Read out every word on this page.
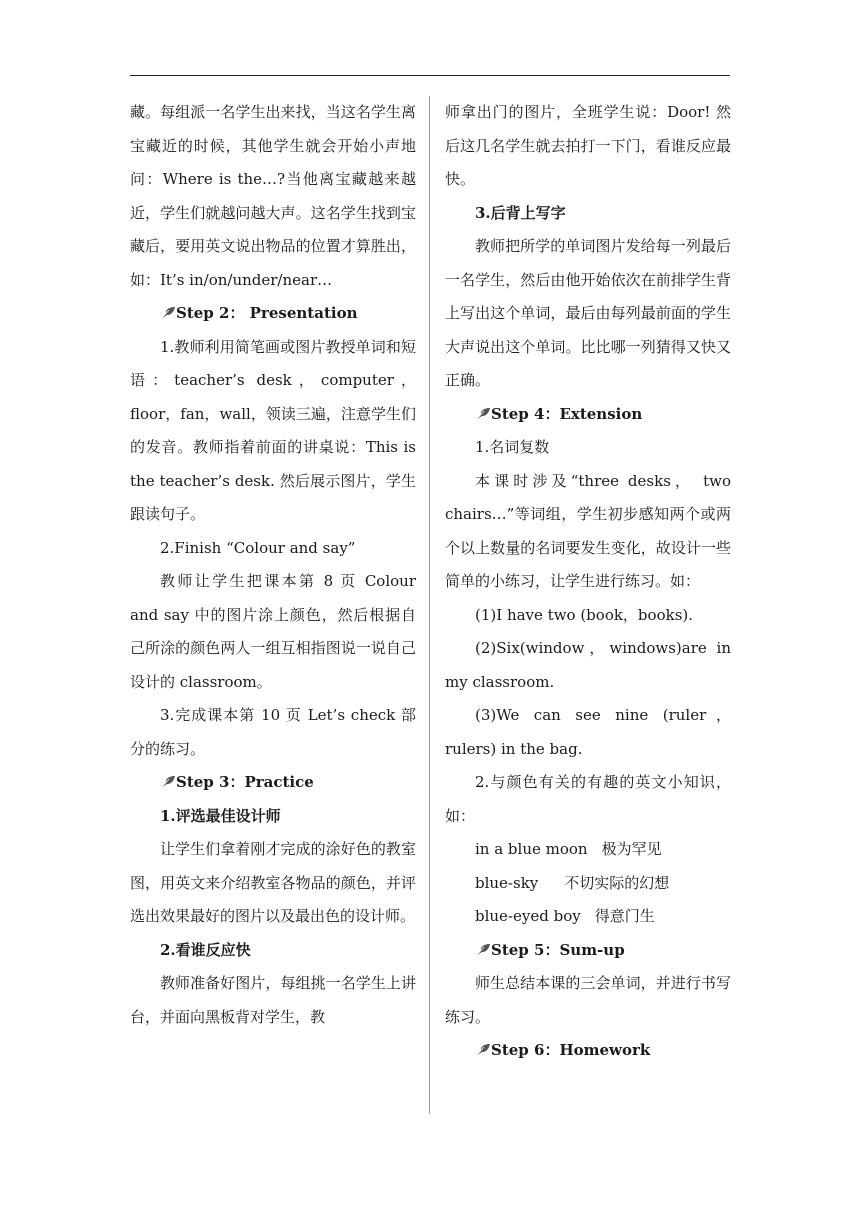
藏。每组派一名学生出来找，当这名学生离宝藏近的时候，其他学生就会开始小声地问：Where is the…?当他离宝藏越来越近，学生们就越问越大声。这名学生找到宝藏后，要用英文说出物品的位置才算胜出，如：It’s in/on/under/near…

Step 2： Presentation

1.教师利用简笔画或图片教授单词和短语：teacher’s desk，computer，floor，fan，wall，领读三遍，注意学生们的发音。教师指着前面的讲桌说：This is the teacher’s desk. 然后展示图片，学生跟读句子。

2.Finish “Colour and say”

教师让学生把课本第 8 页 Colour and say 中的图片涂上颜色，然后根据自己所涂的颜色两人一组互相指图说一说自己设计的 classroom。

3.完成课本第 10 页 Let’s check 部分的练习。

Step 3：Practice

1.评选最佳设计师

让学生们拿着刚才完成的涂好色的教室图，用英文来介绍教室各物品的颜色，并评选出效果最好的图片以及最出色的设计师。

2.看谁反应快

教师准备好图片，每组挑一名学生上讲台，并面向黑板背对学生，教

师拿出门的图片，全班学生说：Door! 然后这几名学生就去拍打一下门，看谁反应最快。

3.后背上写字

教师把所学的单词图片发给每一列最后一名学生，然后由他开始依次在前排学生背上写出这个单词，最后由每列最前面的学生大声说出这个单词。比比哪一列猜得又快又正确。

Step 4：Extension

1.名词复数

本课时涉及“three desks， two chairs…”等词组，学生初步感知两个或两个以上数量的名词要发生变化，故设计一些简单的小练习，让学生进行练习。如：

(1)I have two (book，books).

(2)Six(window，windows)are in my classroom.

(3)We can see nine (ruler，rulers) in the bag.

2.与颜色有关的有趣的英文小知识，如：

in a blue moon 极为罕见

blue-sky 不切实际的幻想

blue-eyed boy 得意门生

Step 5：Sum-up

师生总结本课的三会单词，并进行书写练习。

Step 6：Homework
